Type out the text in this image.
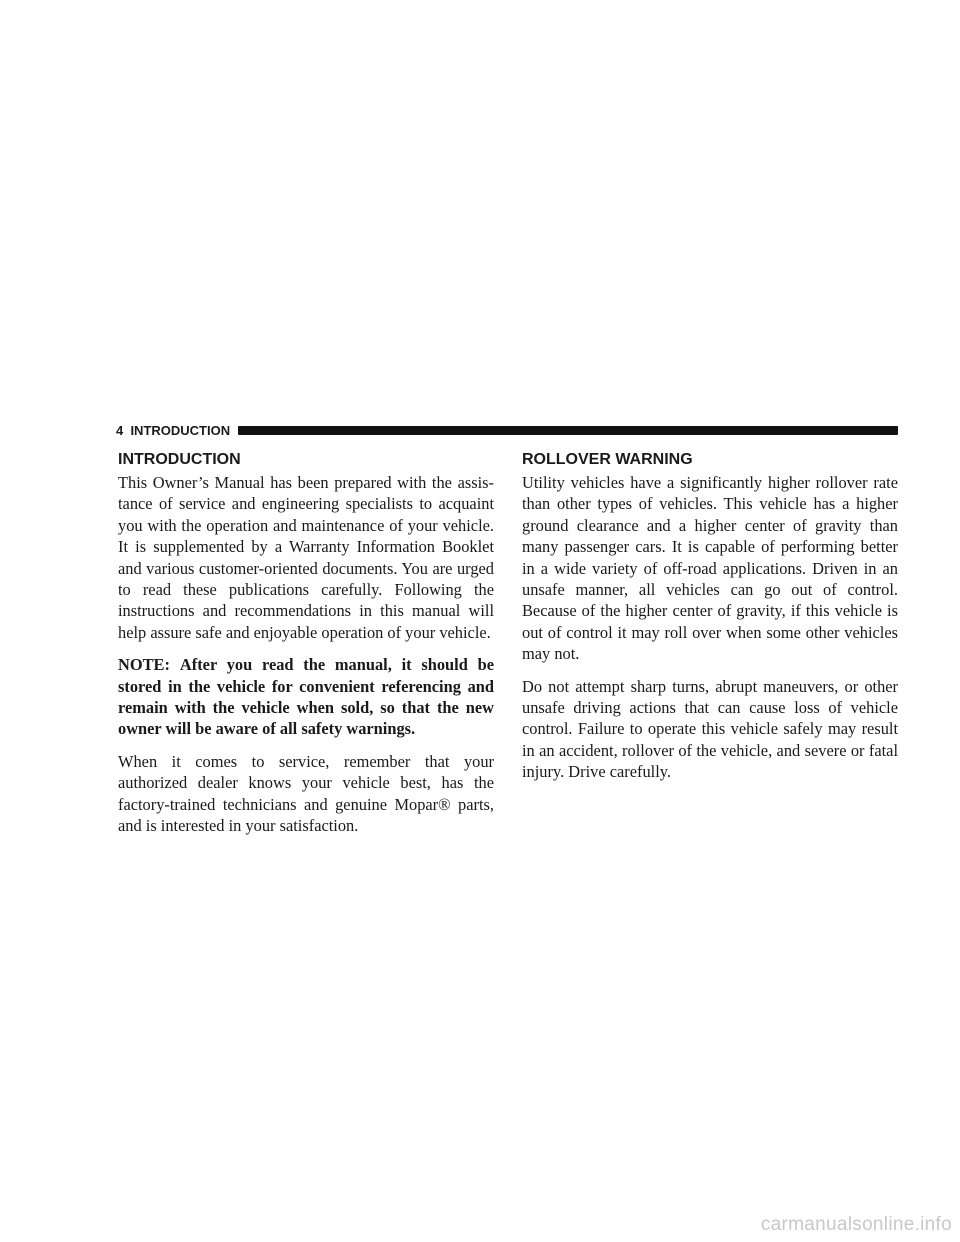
4 INTRODUCTION
INTRODUCTION

This Owner’s Manual has been prepared with the assis- tance of service and engineering specialists to acquaint you with the operation and maintenance of your vehicle. It is supplemented by a Warranty Information Booklet and various customer-oriented documents. You are urged to read these publications carefully. Following the instructions and recommendations in this manual will help assure safe and enjoyable operation of your vehicle.

NOTE: After you read the manual, it should be stored in the vehicle for convenient referencing and remain with the vehicle when sold, so that the new owner will be aware of all safety warnings.

When it comes to service, remember that your authorized dealer knows your vehicle best, has the factory-trained technicians and genuine Mopar® parts, and is interested in your satisfaction.

ROLLOVER WARNING

Utility vehicles have a significantly higher rollover rate than other types of vehicles. This vehicle has a higher ground clearance and a higher center of gravity than many passenger cars. It is capable of performing better in a wide variety of off-road applications. Driven in an unsafe manner, all vehicles can go out of control. Because of the higher center of gravity, if this vehicle is out of control it may roll over when some other vehicles may not.

Do not attempt sharp turns, abrupt maneuvers, or other unsafe driving actions that can cause loss of vehicle control. Failure to operate this vehicle safely may result in an accident, rollover of the vehicle, and severe or fatal injury. Drive carefully.

carmanualsonline.info
